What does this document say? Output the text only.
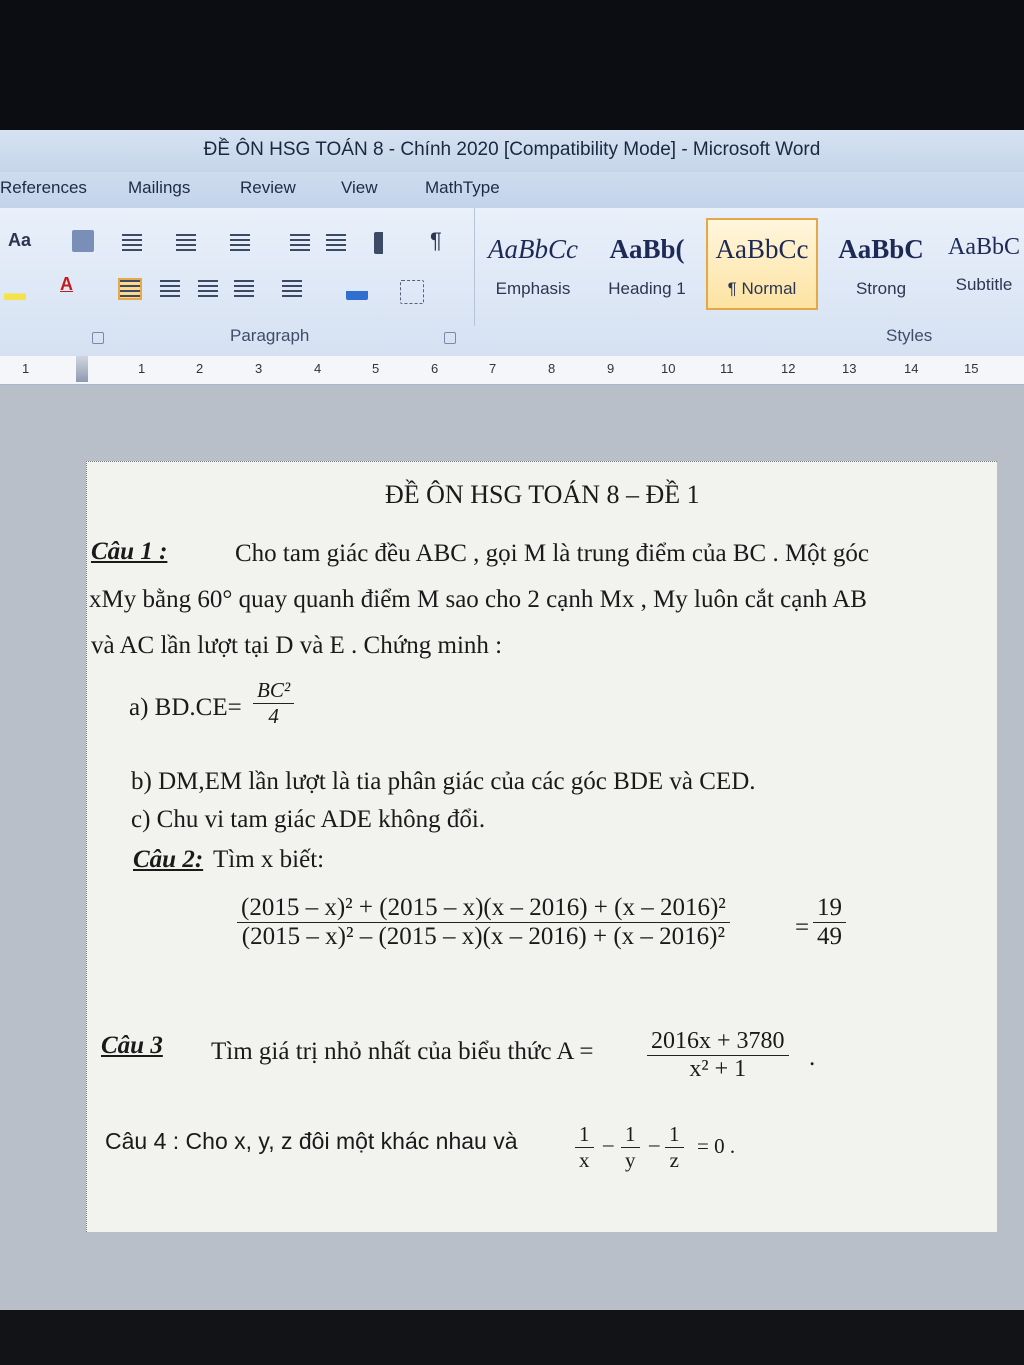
ĐỀ ÔN HSG TOÁN 8 - Chính 2020 [Compatibility Mode] - Microsoft Word
References Mailings	Review	View	MathType
Aa
A
¶
Paragraph
AaBbCc
Emphasis
AaBb(
Heading 1
AaBbCc
¶ Normal
AaBbC
Strong
AaBbC
Subtitle
Styles
1	1	2	3	4	5	6	7	8	9	10	11	12	13	14	15
ĐỀ ÔN HSG TOÁN 8 – ĐỀ 1
Câu 1 :	Cho tam giác đều ABC , gọi M là trung điểm của BC . Một góc
xMy bằng 60° quay quanh điểm M sao cho 2 cạnh Mx , My luôn cắt cạnh AB
và AC lần lượt tại D và E . Chứng minh :
a) $BD.CE= \frac{\text{BC²}}{4}$
b) DM,EM lần lượt là tia phân giác của các góc BDE và CED.
c) Chu vi tam giác ADE không đổi.
Câu 2: Tìm x biết:
$\frac{\text{(2015 – x)² + (2015 – x)(x – 2016) + (x – 2016)²}}{\text{(2015 – x)² – (2015 – x)(x – 2016) + (x – 2016)²}}$	= $\frac{19}{49}$
Câu 3 Tìm giá trị nhỏ nhất của biểu thức $A = \frac{2016x + 3780}{\text{x² + 1}}$ .
Câu 4 : Cho x, y, z đôi một khác nhau và	$\frac{1}{x} - \frac{1}{y} - \frac{1}{z} = 0$ .
